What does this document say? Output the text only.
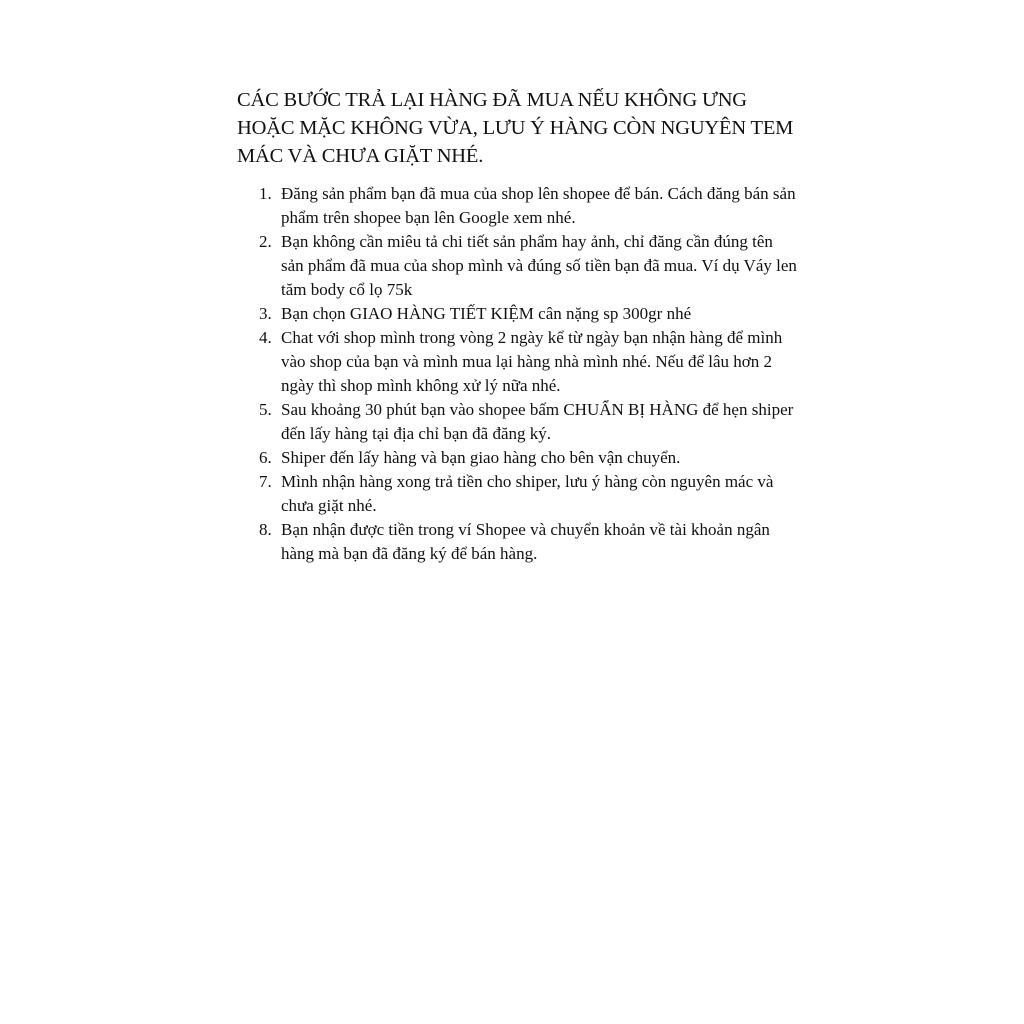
CÁC BƯỚC TRẢ LẠI HÀNG ĐÃ MUA NẾU KHÔNG ƯNG HOẶC MẶC KHÔNG VỪA, LƯU Ý HÀNG CÒN NGUYÊN TEM MÁC VÀ CHƯA GIẶT NHÉ.
1. Đăng sản phẩm bạn đã mua của shop lên shopee để bán. Cách đăng bán sản phẩm trên shopee bạn lên Google xem nhé.
2. Bạn không cần miêu tả chi tiết sản phẩm hay ảnh, chỉ đăng cần đúng tên sản phẩm đã mua của shop mình và đúng số tiền bạn đã mua. Ví dụ Váy len tăm body cổ lọ 75k
3. Bạn chọn GIAO HÀNG TIẾT KIỆM cân nặng sp 300gr nhé
4. Chat với shop mình trong vòng 2 ngày kể từ ngày bạn nhận hàng để mình vào shop của bạn và mình mua lại hàng nhà mình nhé. Nếu để lâu hơn 2 ngày thì shop mình không xử lý nữa nhé.
5. Sau khoảng 30 phút bạn vào shopee bấm CHUẨN BỊ HÀNG để hẹn shiper đến lấy hàng tại địa chỉ bạn đã đăng ký.
6. Shiper đến lấy hàng và bạn giao hàng cho bên vận chuyển.
7. Mình nhận hàng xong trả tiền cho shiper, lưu ý hàng còn nguyên mác và chưa giặt nhé.
8. Bạn nhận được tiền trong ví Shopee và chuyển khoản về tài khoản ngân hàng mà bạn đã đăng ký để bán hàng.
